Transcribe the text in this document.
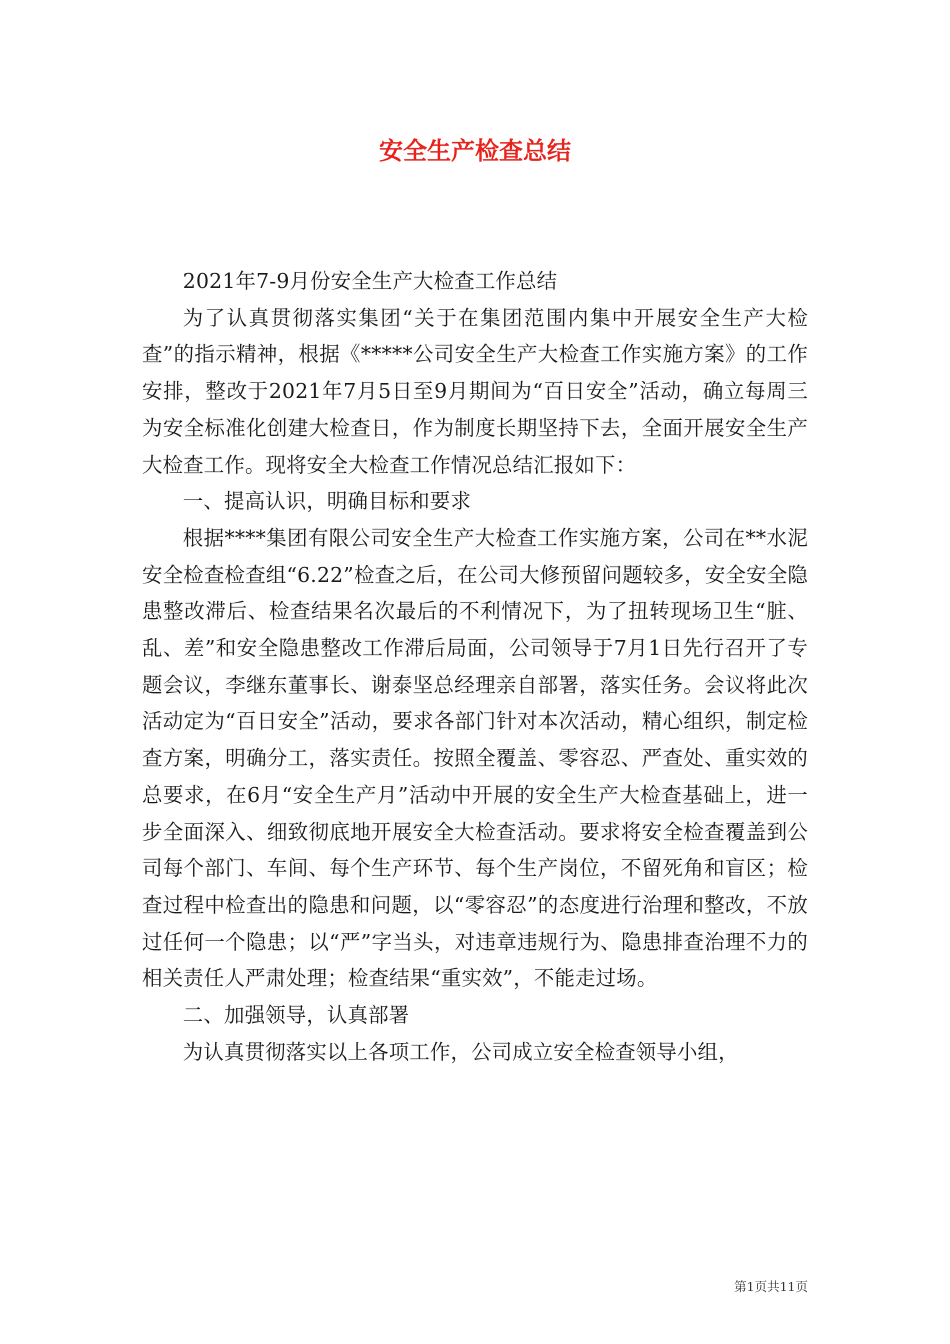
安全生产检查总结

2021年7-9月份安全生产大检查工作总结

为了认真贯彻落实集团“关于在集团范围内集中开展安全生产大检查”的指示精神，根据《*****公司安全生产大检查工作实施方案》的工作安排，整改于2021年7月5日至9月期间为“百日安全”活动，确立每周三为安全标准化创建大检查日，作为制度长期坚持下去，全面开展安全生产大检查工作。现将安全大检查工作情况总结汇报如下：

一、提高认识，明确目标和要求

根据****集团有限公司安全生产大检查工作实施方案，公司在**水泥安全检查检查组“6.22”检查之后，在公司大修预留问题较多，安全安全隐患整改滞后、检查结果名次最后的不利情况下，为了扭转现场卫生“脏、乱、差”和安全隐患整改工作滞后局面，公司领导于7月1日先行召开了专题会议，李继东董事长、谢泰坚总经理亲自部署，落实任务。会议将此次活动定为“百日安全”活动，要求各部门针对本次活动，精心组织，制定检查方案，明确分工，落实责任。按照全覆盖、零容忍、严查处、重实效的总要求，在6月“安全生产月”活动中开展的安全生产大检查基础上，进一步全面深入、细致彻底地开展安全大检查活动。要求将安全检查覆盖到公司每个部门、车间、每个生产环节、每个生产岗位，不留死角和盲区；检查过程中检查出的隐患和问题，以“零容忍”的态度进行治理和整改，不放过任何一个隐患；以“严”字当头，对违章违规行为、隐患排查治理不力的相关责任人严肃处理；检查结果“重实效”，不能走过场。

二、加强领导，认真部署

为认真贯彻落实以上各项工作，公司成立安全检查领导小组，

第1页共11页
